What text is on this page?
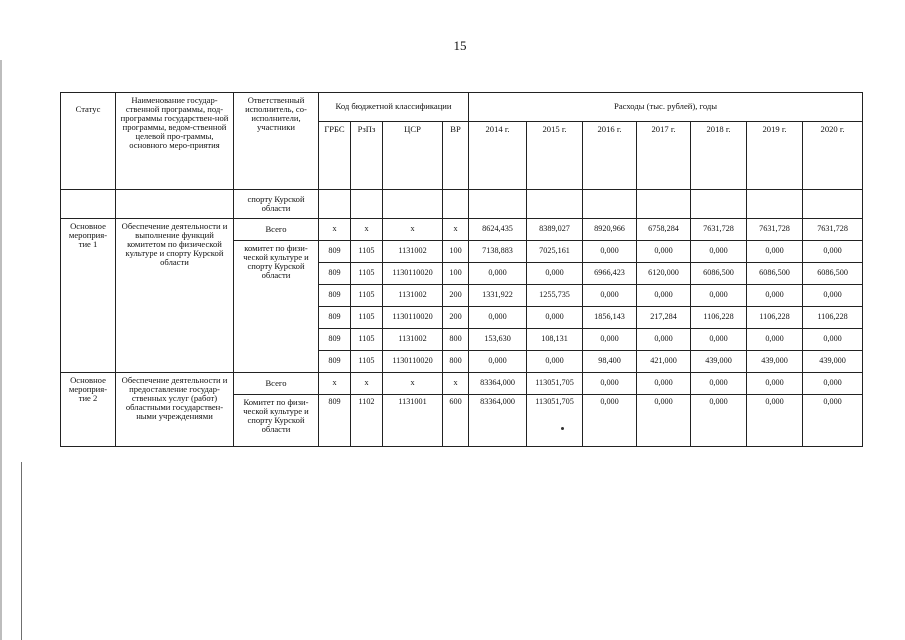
15
Статус	Наименование государ-ственной программы, под-программы государствен-ной программы, ведом-ственной целевой про-граммы, основного меро-приятия	Ответственный исполнитель, со-исполнители, участники	Код бюджетной классификации				Расходы (тыс. рублей), годы						
			ГРБС	РзПз	ЦСР	ВР	2014 г.	2015 г.	2016 г.	2017 г.	2018 г.	2019 г.	2020 г.
		спорту Курской области											
Основное мероприя-тие 1	Обеспечение деятельности и выполнение функций комитетом по физической культуре и спорту Курской области	Всего	х	х	х	х	8624,435	8389,027	8920,966	6758,284	7631,728	7631,728	7631,728
		комитет по физи-ческой культуре и спорту Курской области	809	1105	1131002	100	7138,883	7025,161	0,000	0,000	0,000	0,000	0,000
			809	1105	1130110020	100	0,000	0,000	6966,423	6120,000	6086,500	6086,500	6086,500
			809	1105	1131002	200	1331,922	1255,735	0,000	0,000	0,000	0,000	0,000
			809	1105	1130110020	200	0,000	0,000	1856,143	217,284	1106,228	1106,228	1106,228
			809	1105	1131002	800	153,630	108,131	0,000	0,000	0,000	0,000	0,000
			809	1105	1130110020	800	0,000	0,000	98,400	421,000	439,000	439,000	439,000
Основное мероприя-тие 2	Обеспечение деятельности и предоставление государ-ственных услуг (работ) областными государствен-ными учреждениями	Всего	х	х	х	х	83364,000	113051,705	0,000	0,000	0,000	0,000	0,000
		Комитет по физи-ческой культуре и спорту Курской области	809	1102	1131001	600	83364,000	113051,705	0,000	0,000	0,000	0,000	0,000
